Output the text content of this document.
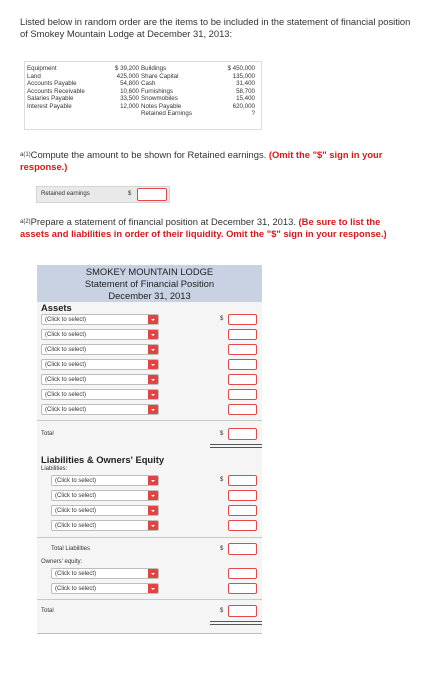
Listed below in random order are the items to be included in the statement of financial position of Smokey Mountain Lodge at December 31, 2013:
Equipment	$ 39,200
Land	425,000
Accounts Payable	54,800
Accounts Receivable	10,600
Salaries Payable	33,500
Interest Payable	12,000
Buildings	$ 450,000
Share Capital	135,000
Cash	31,400
Furnishings	58,700
Snowmobiles	15,400
Notes Payable	620,000
Retained Earnings	?
$^{a(1)}$Compute the amount to be shown for Retained earnings. (Omit the "$" sign in your response.)
Retained earnings	$
$^{a(2)}$Prepare a statement of financial position at December 31, 2013. (Be sure to list the assets and liabilities in order of their liquidity. Omit the "$" sign in your response.)
SMOKEY MOUNTAIN LODGE
Statement of Financial Position
December 31, 2013
Assets
(Click to select)
(Click to select)
(Click to select)
(Click to select)
(Click to select)
(Click to select)
(Click to select)
$
Total	$
Liabilities & Owners' Equity
Liabilities:
(Click to select)
(Click to select)
(Click to select)
(Click to select)
$
Total Liabilities	$
Owners' equity:
(Click to select)
(Click to select)
Total	$
